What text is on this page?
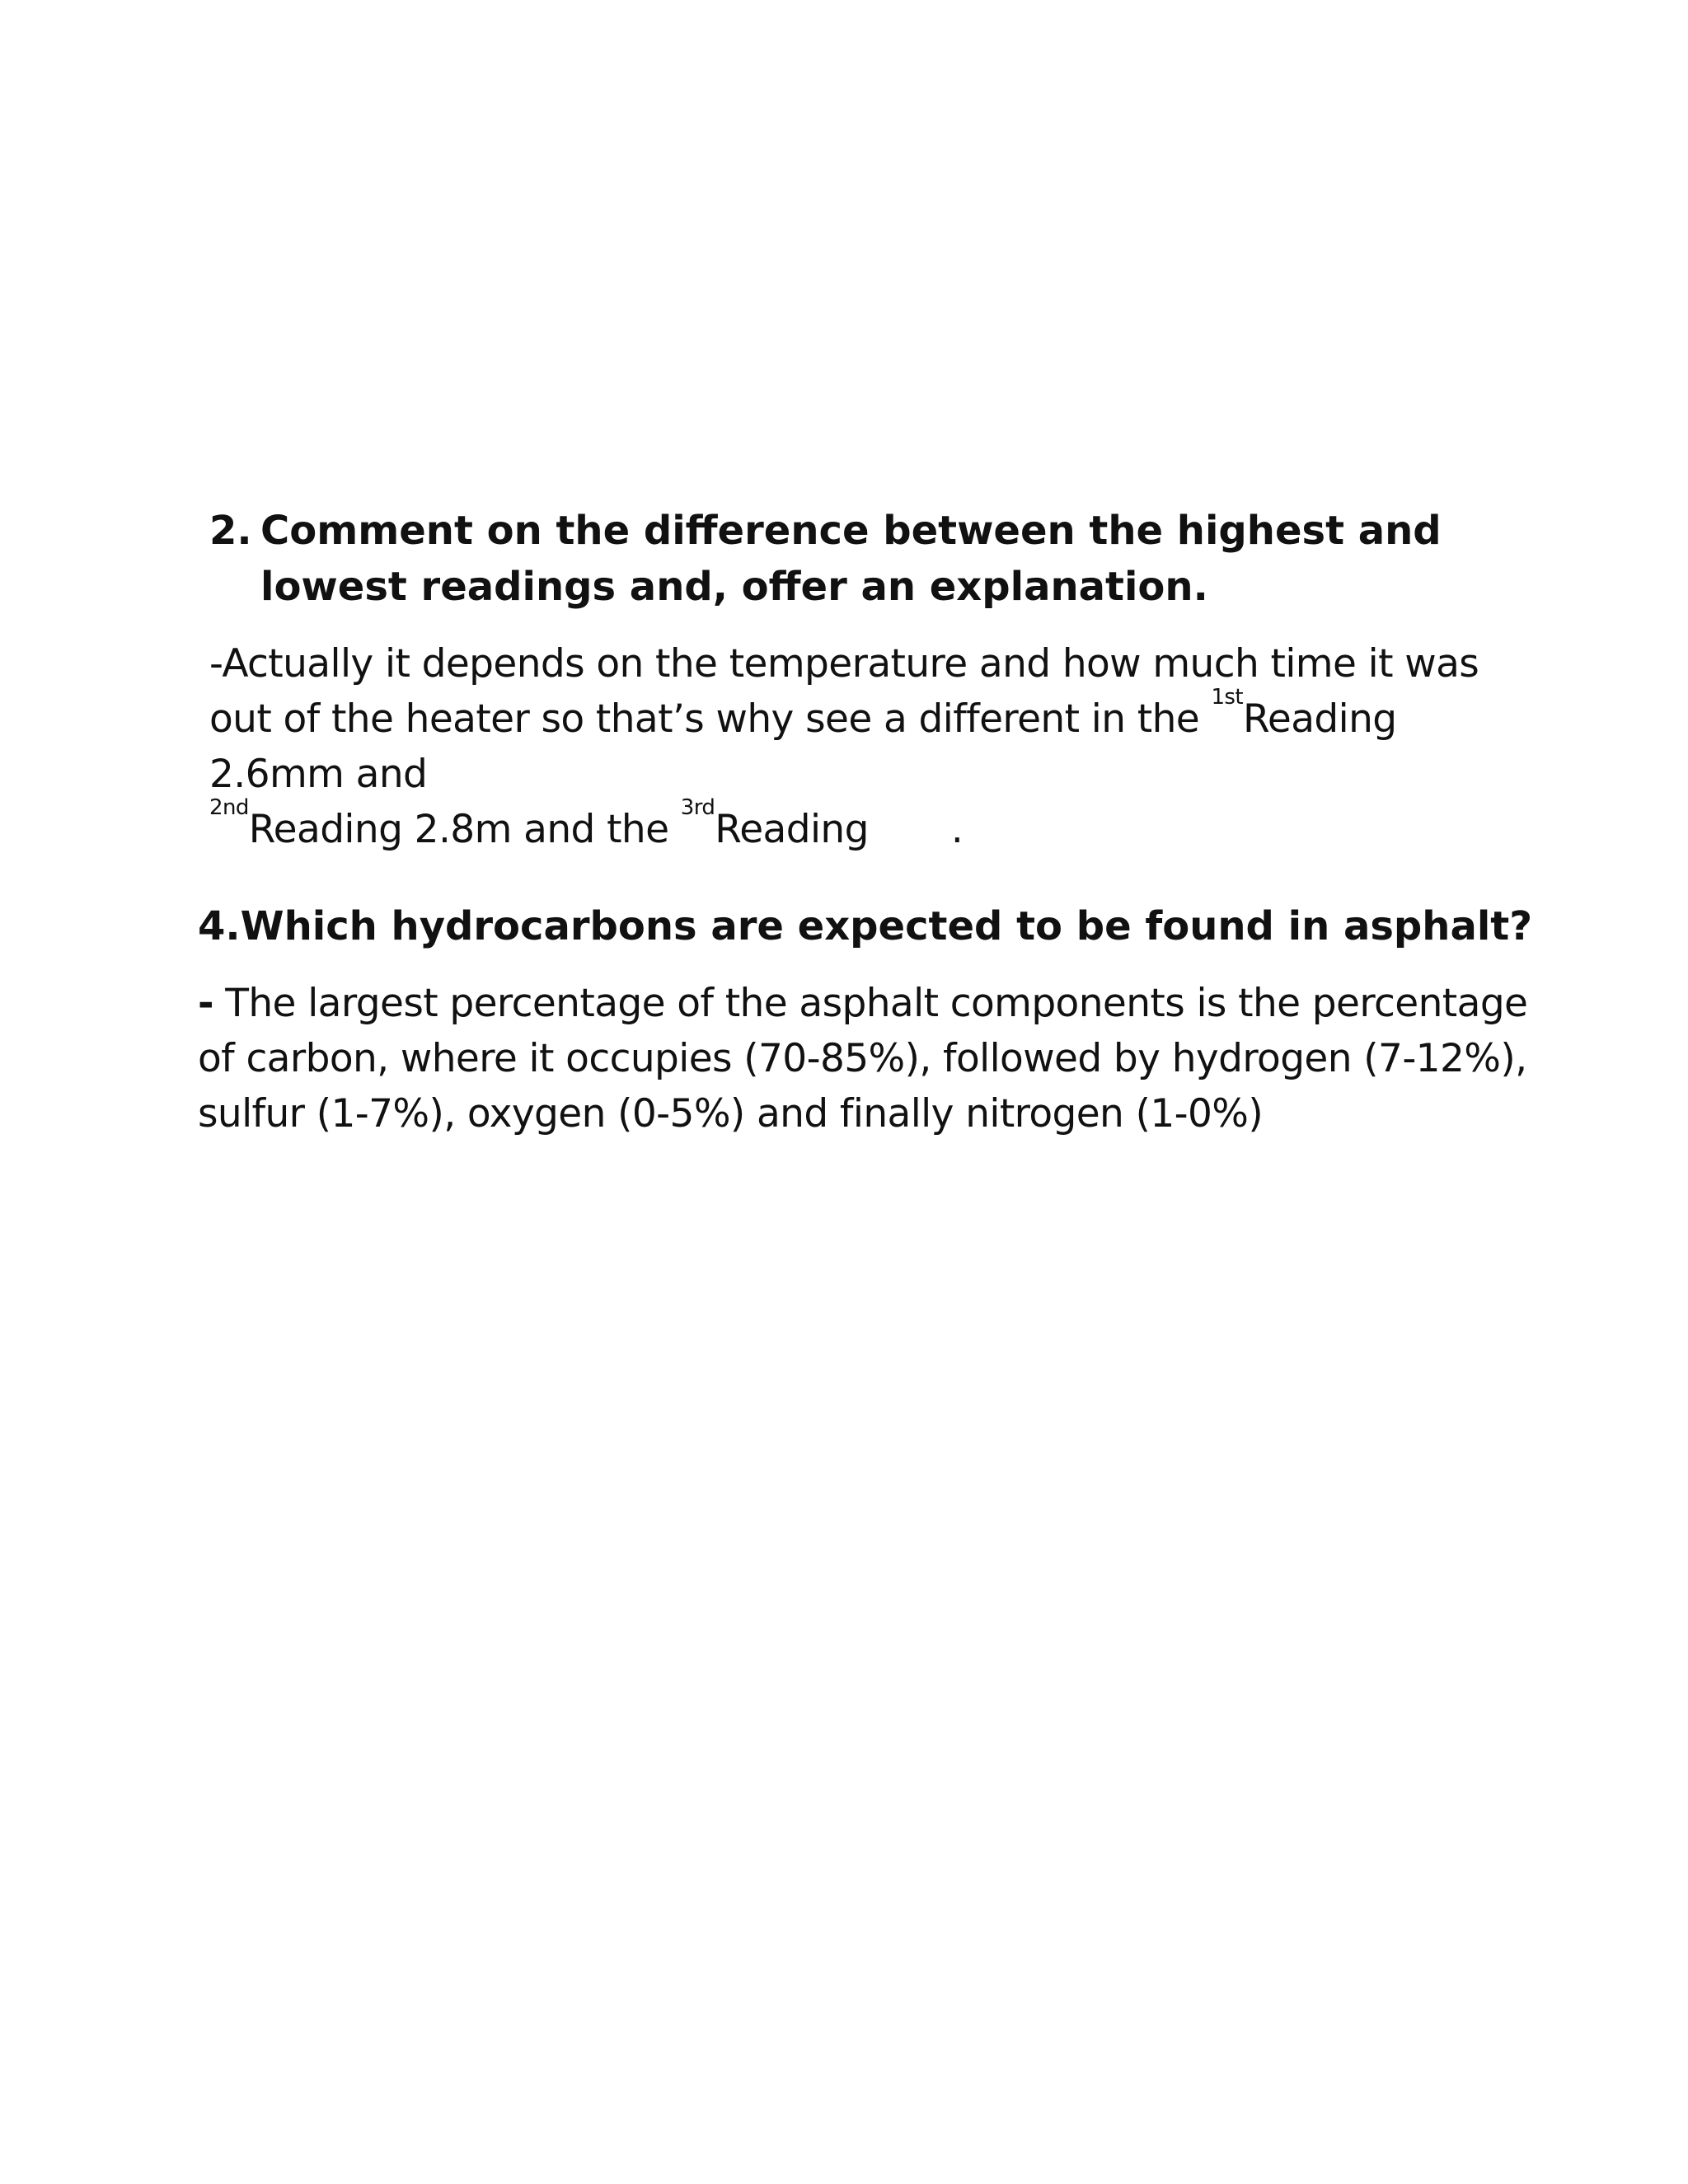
2. Comment on the difference between the highest and
lowest readings and, offer an explanation.

-Actually it depends on the temperature and how much time it was out of the heater so that’s why see a different in the $^{1st}$Reading 2.6mm and
$^{2nd}$Reading 2.8m and the $^{3rd}$Reading .

4.Which hydrocarbons are expected to be found in asphalt?

- The largest percentage of the asphalt components is the percentage of carbon, where it occupies (70-85%), followed by hydrogen (7-12%), sulfur (1-7%), oxygen (0-5%) and finally nitrogen (1-0%)
